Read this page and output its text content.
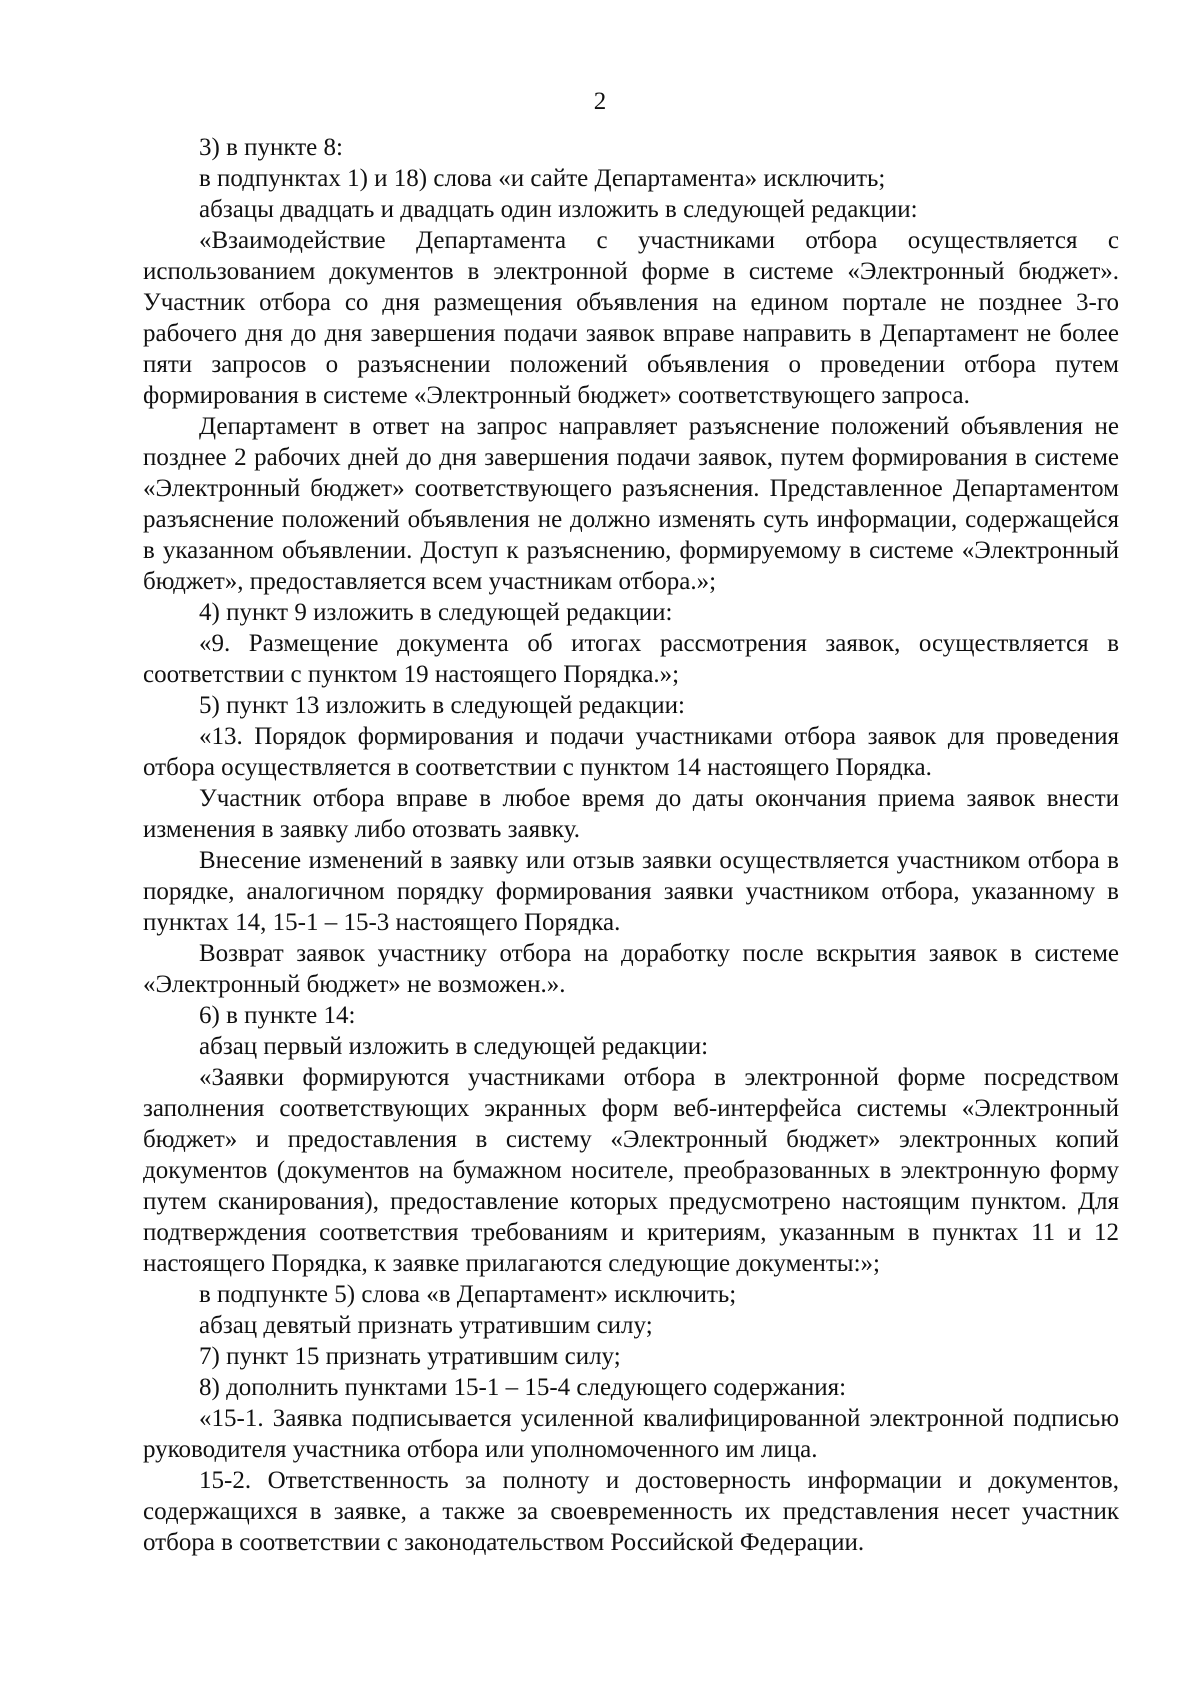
2

3) в пункте 8:

в подпунктах 1) и 18) слова «и сайте Департамента» исключить;

абзацы двадцать и двадцать один изложить в следующей редакции:

«Взаимодействие Департамента с участниками отбора осуществляется с использованием документов в электронной форме в системе «Электронный бюджет». Участник отбора со дня размещения объявления на едином портале не позднее 3-го рабочего дня до дня завершения подачи заявок вправе направить в Департамент не более пяти запросов о разъяснении положений объявления о проведении отбора путем формирования в системе «Электронный бюджет» соответствующего запроса.

Департамент в ответ на запрос направляет разъяснение положений объявления не позднее 2 рабочих дней до дня завершения подачи заявок, путем формирования в системе «Электронный бюджет» соответствующего разъяснения. Представленное Департаментом разъяснение положений объявления не должно изменять суть информации, содержащейся в указанном объявлении. Доступ к разъяснению, формируемому в системе «Электронный бюджет», предоставляется всем участникам отбора.»;

4) пункт 9 изложить в следующей редакции:

«9. Размещение документа об итогах рассмотрения заявок, осуществляется в соответствии с пунктом 19 настоящего Порядка.»;

5) пункт 13 изложить в следующей редакции:

«13. Порядок формирования и подачи участниками отбора заявок для проведения отбора осуществляется в соответствии с пунктом 14 настоящего Порядка.

Участник отбора вправе в любое время до даты окончания приема заявок внести изменения в заявку либо отозвать заявку.

Внесение изменений в заявку или отзыв заявки осуществляется участником отбора в порядке, аналогичном порядку формирования заявки участником отбора, указанному в пунктах 14, 15-1 – 15-3 настоящего Порядка.

Возврат заявок участнику отбора на доработку после вскрытия заявок в системе «Электронный бюджет» не возможен.».

6) в пункте 14:

абзац первый изложить в следующей редакции:

«Заявки формируются участниками отбора в электронной форме посредством заполнения соответствующих экранных форм веб-интерфейса системы «Электронный бюджет» и предоставления в систему «Электронный бюджет» электронных копий документов (документов на бумажном носителе, преобразованных в электронную форму путем сканирования), предоставление которых предусмотрено настоящим пунктом. Для подтверждения соответствия требованиям и критериям, указанным в пунктах 11 и 12 настоящего Порядка, к заявке прилагаются следующие документы:»;

в подпункте 5) слова «в Департамент» исключить;

абзац девятый признать утратившим силу;

7) пункт 15 признать утратившим силу;

8) дополнить пунктами 15-1 – 15-4 следующего содержания:

«15-1. Заявка подписывается усиленной квалифицированной электронной подписью руководителя участника отбора или уполномоченного им лица.

15-2. Ответственность за полноту и достоверность информации и документов, содержащихся в заявке, а также за своевременность их представления несет участник отбора в соответствии с законодательством Российской Федерации.
